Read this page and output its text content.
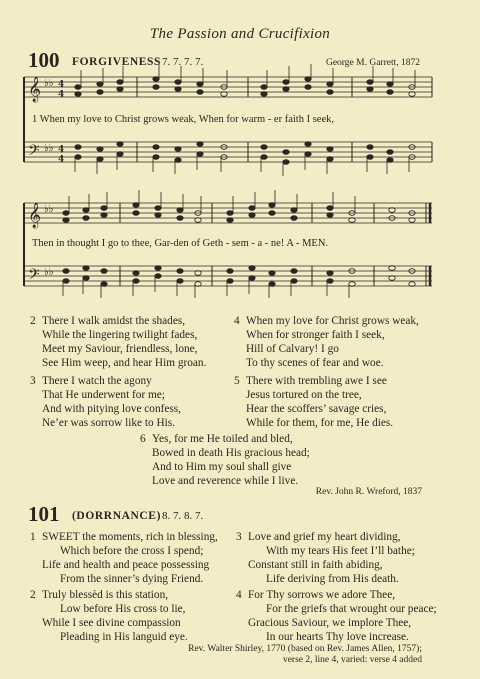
The Passion and Crucifixion
100 FORGIVENESS 7. 7. 7. 7.	George M. Garrett, 1872
𝄞
𝄢
𝄞
𝄢
♭♭
♭♭
♭♭
♭♭
4
4
4
4
1 When my love to Christ grows weak, When for warm - er faith I seek,
Then in thought I go to thee, Gar-den of Geth - sem - a - ne! A - MEN.
2 There I walk amidst the shades,
While the lingering twilight fades,
Meet my Saviour, friendless, lone,
See Him weep, and hear Him groan.
3 There I watch the agony
That He underwent for me;
And with pitying love confess,
Ne’er was sorrow like to His.
4 When my love for Christ grows weak,
When for stronger faith I seek,
Hill of Calvary! I go
To thy scenes of fear and woe.
5 There with trembling awe I see
Jesus tortured on the tree,
Hear the scoffers’ savage cries,
While for them, for me, He dies.
6 Yes, for me He toiled and bled,
Bowed in death His gracious head;
And to Him my soul shall give
Love and reverence while I live.
Rev. John R. Wreford, 1837
101 (DORRNANCE) 8. 7. 8. 7.
1 SWEET the moments, rich in blessing,
Which before the cross I spend;
Life and health and peace possessing
From the sinner’s dying Friend.
2 Truly blessèd is this station,
Low before His cross to lie,
While I see divine compassion
Pleading in His languid eye.
3 Love and grief my heart dividing,
With my tears His feet I’ll bathe;
Constant still in faith abiding,
Life deriving from His death.
4 For Thy sorrows we adore Thee,
For the griefs that wrought our peace;
Gracious Saviour, we implore Thee,
In our hearts Thy love increase.
Rev. Walter Shirley, 1770 (based on Rev. James Allen, 1757);
verse 2, line 4, varied: verse 4 added
